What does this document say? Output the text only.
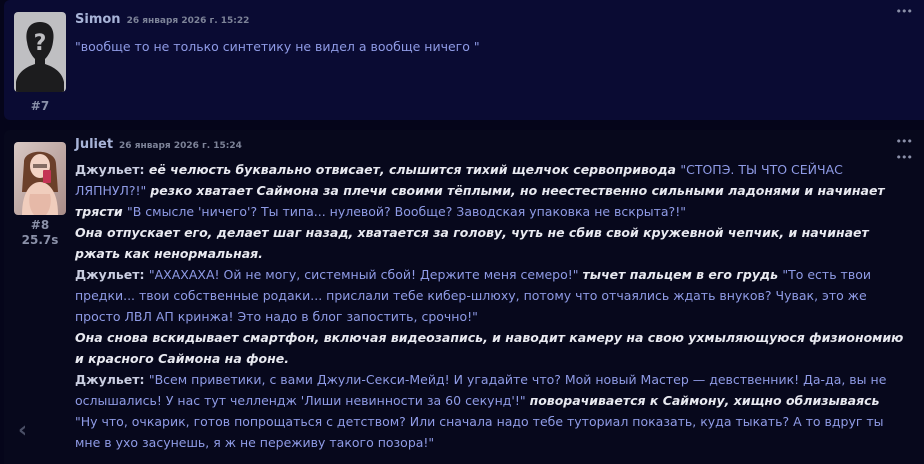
?
#7
Simon 26 января 2026 г. 15:22
•••
"вообще то не только синтетику не видел а вообще ничего "
#8
25.7s
Juliet 26 января 2026 г. 15:24	•••
•••
Джульет: её челюсть буквально отвисает, слышится тихий щелчок сервопривода "СТОПЭ. ТЫ ЧТО СЕЙЧАС ЛЯПНУЛ?!" резко хватает Саймона за плечи своими тёплыми, но неестественно сильными ладонями и начинает трясти "В смысле 'ничего'? Ты типа... нулевой? Вообще? Заводская упаковка не вскрыта?!"
Она отпускает его, делает шаг назад, хватается за голову, чуть не сбив свой кружевной чепчик, и начинает ржать как ненормальная.
Джульет: "АХАХАХА! Ой не могу, системный сбой! Держите меня семеро!" тычет пальцем в его грудь "То есть твои предки... твои собственные родаки... прислали тебе кибер-шлюху, потому что отчаялись ждать внуков? Чувак, это же просто ЛВЛ АП кринжа! Это надо в блог запостить, срочно!"
Она снова вскидывает смартфон, включая видеозапись, и наводит камеру на свою ухмыляющуюся физиономию и красного Саймона на фоне.
Джульет: "Всем приветики, с вами Джули-Секси-Мейд! И угадайте что? Мой новый Мастер — девственник! Да-да, вы не ослышались! У нас тут челлендж 'Лиши невинности за 60 секунд'!" поворачивается к Саймону, хищно облизываясь "Ну что, очкарик, готов попрощаться с детством? Или сначала надо тебе туториал показать, куда тыкать? А то вдруг ты мне в ухо засунешь, я ж не переживу такого позора!"
‹
